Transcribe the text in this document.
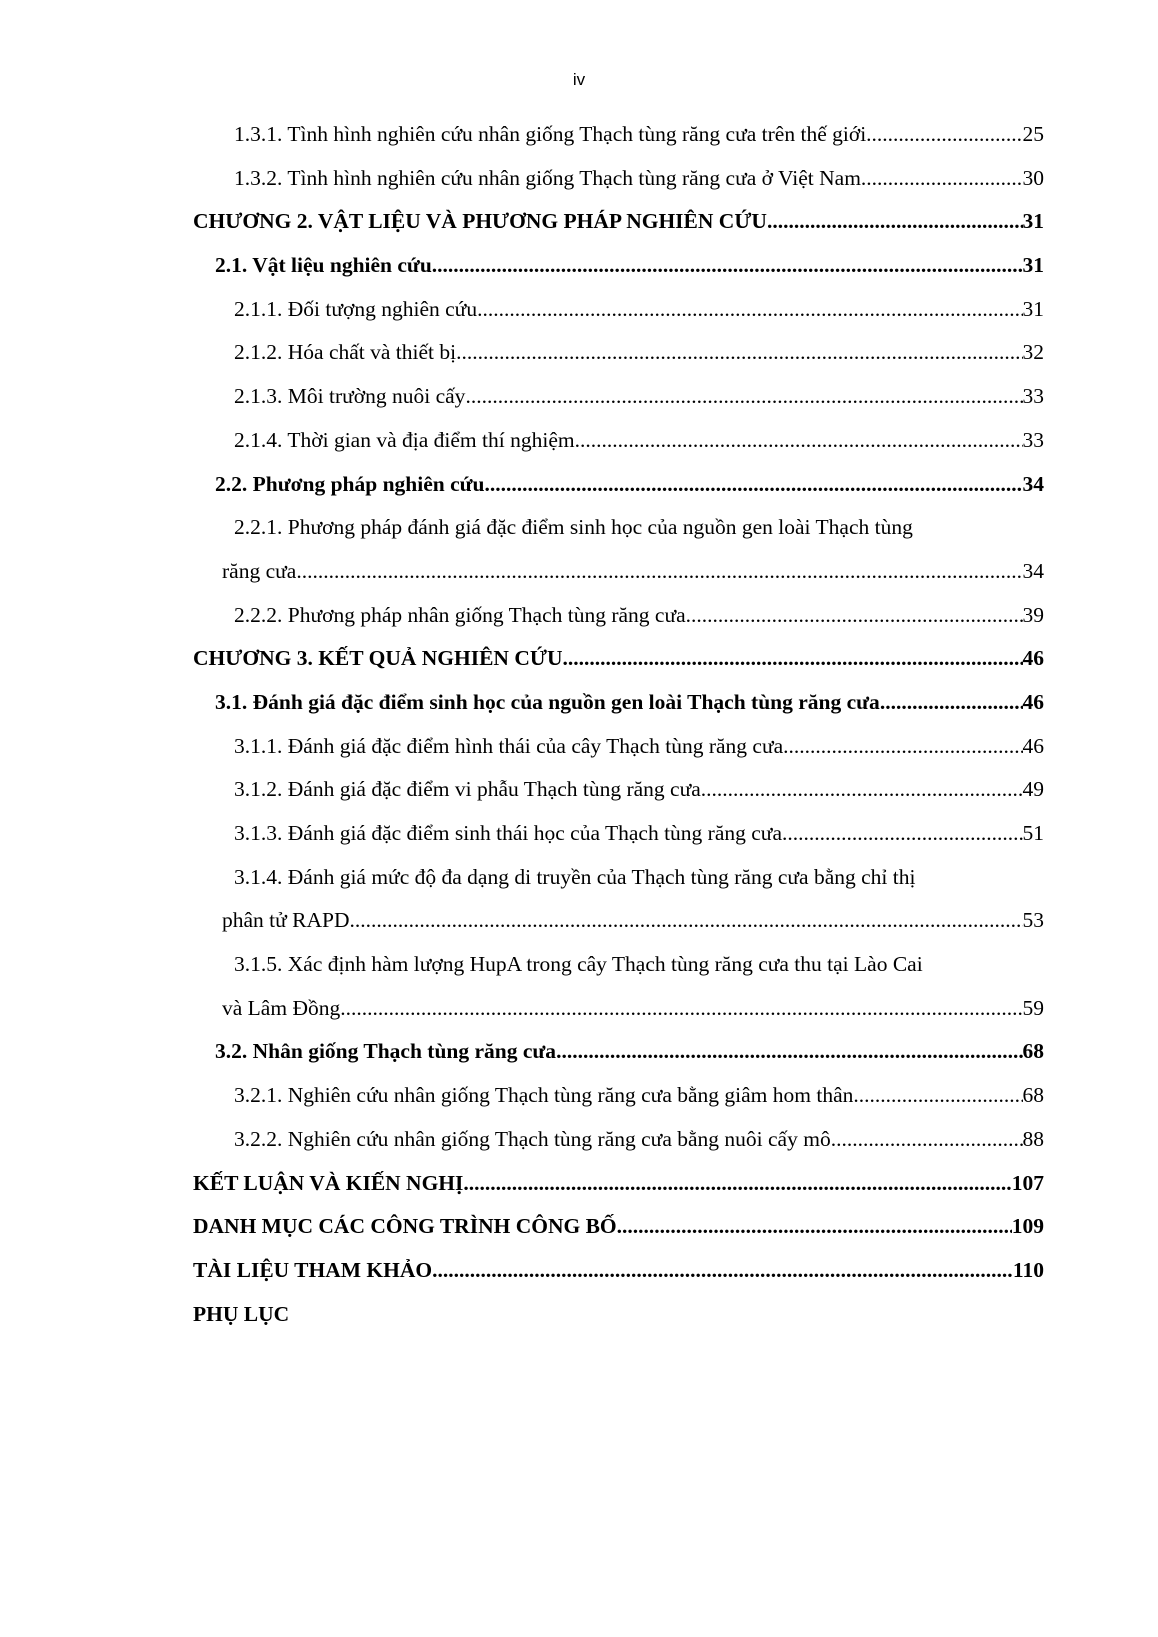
iv
1.3.1. Tình hình nghiên cứu nhân giống Thạch tùng răng cưa trên thế giới .....	25
1.3.2. Tình hình nghiên cứu nhân giống Thạch tùng răng cưa ở Việt Nam .....	30
CHƯƠNG 2. VẬT LIỆU VÀ PHƯƠNG PHÁP NGHIÊN CỨU .....	31
2.1. Vật liệu nghiên cứu .....	31
2.1.1. Đối tượng nghiên cứu .....	31
2.1.2. Hóa chất và thiết bị .....	32
2.1.3. Môi trường nuôi cấy .....	33
2.1.4. Thời gian và địa điểm thí nghiệm .....	33
2.2. Phương pháp nghiên cứu .....	34
2.2.1. Phương pháp đánh giá đặc điểm sinh học của nguồn gen loài Thạch tùng
răng cưa .....	34
2.2.2. Phương pháp nhân giống Thạch tùng răng cưa .....	39
CHƯƠNG 3. KẾT QUẢ NGHIÊN CỨU .....	46
3.1. Đánh giá đặc điểm sinh học của nguồn gen loài Thạch tùng răng cưa .....	46
3.1.1. Đánh giá đặc điểm hình thái của cây Thạch tùng răng cưa .....	46
3.1.2. Đánh giá đặc điểm vi phẫu Thạch tùng răng cưa .....	49
3.1.3. Đánh giá đặc điểm sinh thái học của Thạch tùng răng cưa .....	51
3.1.4. Đánh giá mức độ đa dạng di truyền của Thạch tùng răng cưa bằng chỉ thị
phân tử RAPD .....	53
3.1.5. Xác định hàm lượng HupA trong cây Thạch tùng răng cưa thu tại Lào Cai
và Lâm Đồng. .....	59
3.2. Nhân giống Thạch tùng răng cưa .....	68
3.2.1. Nghiên cứu nhân giống Thạch tùng răng cưa bằng giâm hom thân .....	68
3.2.2. Nghiên cứu nhân giống Thạch tùng răng cưa bằng nuôi cấy mô .....	88
KẾT LUẬN VÀ KIẾN NGHỊ .....	107
DANH MỤC CÁC CÔNG TRÌNH CÔNG BỐ .....	109
TÀI LIỆU THAM KHẢO .....	110
PHỤ LỤC
